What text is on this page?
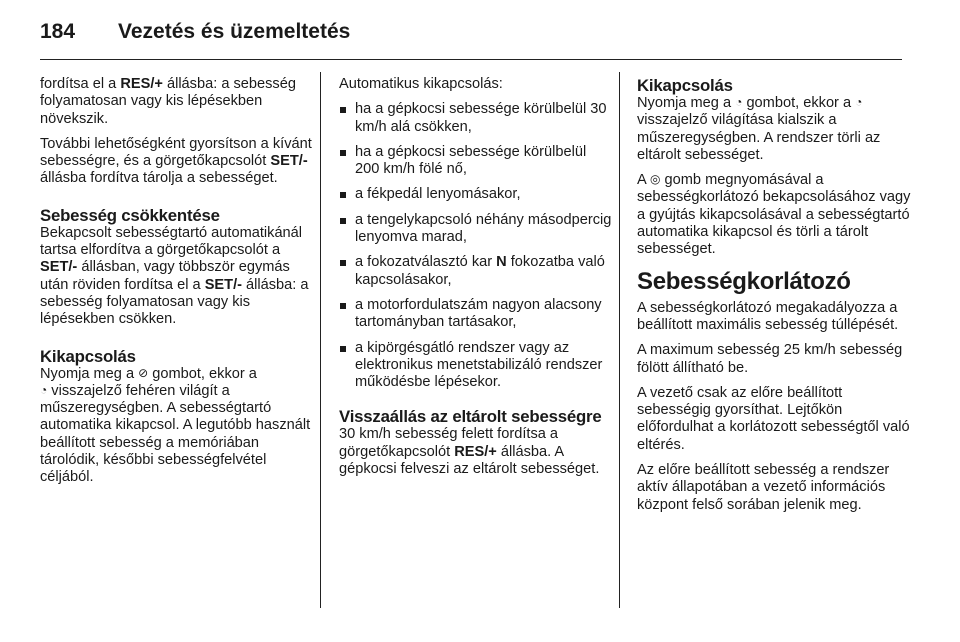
184 Vezetés és üzemeltetés

fordítsa el a RES/+ állásba: a sebesség folyamatosan vagy kis lépésekben növekszik.

További lehetőségként gyorsítson a kívánt sebességre, és a görgetőkapcsolót SET/- állásba fordítva tárolja a sebességet.

Sebesség csökkentése

Bekapcsolt sebességtartó automatikánál tartsa elfordítva a görgetőkapcsolót a SET/- állásban, vagy többször egymás után röviden fordítsa el a SET/- állásba: a sebesség folyamatosan vagy kis lépésekben csökken.

Kikapcsolás

Nyomja meg a ⊘ gombot, ekkor a
◔ visszajelző fehéren világít a műszeregységben. A sebességtartó automatika kikapcsol. A legutóbb használt beállított sebesség a memóriában tárolódik, későbbi sebességfelvétel céljából.

Automatikus kikapcsolás:

ha a gépkocsi sebessége körülbelül 30 km/h alá csökken,
ha a gépkocsi sebessége körülbelül 200 km/h fölé nő,
a fékpedál lenyomásakor,
a tengelykapcsoló néhány másodpercig lenyomva marad,
a fokozatválasztó kar N fokozatba való kapcsolásakor,
a motorfordulatszám nagyon alacsony tartományban tartásakor,
a kipörgésgátló rendszer vagy az elektronikus menetstabilizáló rendszer működésbe lépésekor.
Visszaállás az eltárolt sebességre

30 km/h sebesség felett fordítsa a görgetőkapcsolót RES/+ állásba. A gépkocsi felveszi az eltárolt sebességet.

Kikapcsolás

Nyomja meg a ◔ gombot, ekkor a ◔ visszajelző világítása kialszik a műszeregységben. A rendszer törli az eltárolt sebességet.

A ◎ gomb megnyomásával a sebességkorlátozó bekapcsolásához vagy a gyújtás kikapcsolásával a sebességtartó automatika kikapcsol és törli a tárolt sebességet.

Sebességkorlátozó

A sebességkorlátozó megakadályozza a beállított maximális sebesség túllépését.

A maximum sebesség 25 km/h sebesség fölött állítható be.

A vezető csak az előre beállított sebességig gyorsíthat. Lejtőkön előfordulhat a korlátozott sebességtől való eltérés.

Az előre beállított sebesség a rendszer aktív állapotában a vezető információs központ felső sorában jelenik meg.
